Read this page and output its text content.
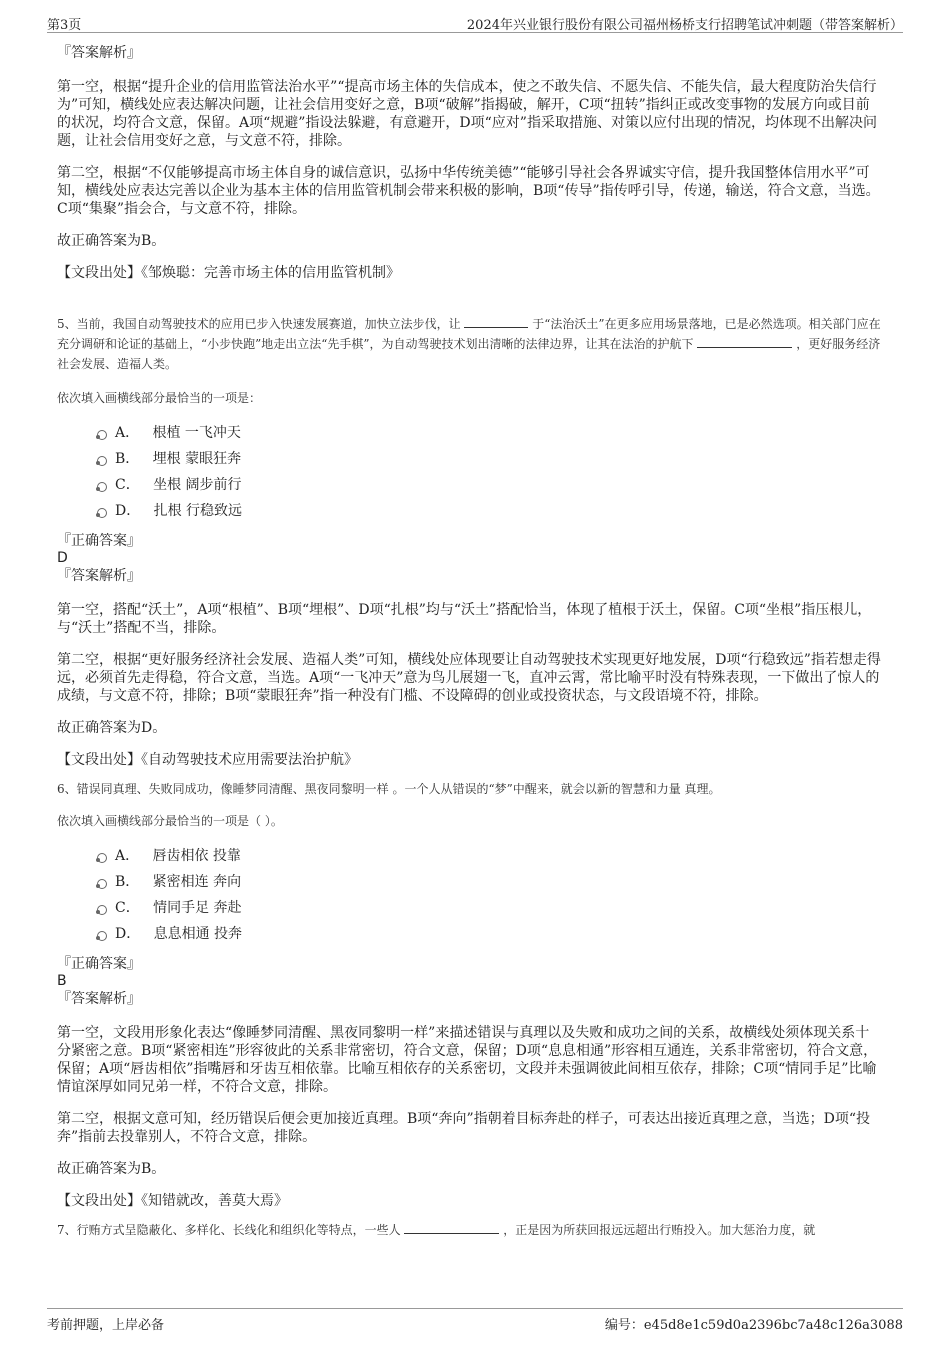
第3页	2024年兴业银行股份有限公司福州杨桥支行招聘笔试冲刺题（带答案解析）

『答案解析』

第一空，根据“提升企业的信用监管法治水平”“提高市场主体的失信成本，使之不敢失信、不愿失信、不能失信，最大程度防治失信行为”可知，横线处应表达解决问题，让社会信用变好之意，B项“破解”指揭破，解开，C项“扭转”指纠正或改变事物的发展方向或目前的状况，均符合文意，保留。A项“规避”指设法躲避，有意避开，D项“应对”指采取措施、对策以应付出现的情况，均体现不出解决问题，让社会信用变好之意，与文意不符，排除。

第二空，根据“不仅能够提高市场主体自身的诚信意识，弘扬中华传统美德”“能够引导社会各界诚实守信，提升我国整体信用水平”可知，横线处应表达完善以企业为基本主体的信用监管机制会带来积极的影响，B项“传导”指传呼引导，传递，输送，符合文意，当选。C项“集聚”指会合，与文意不符，排除。

故正确答案为B。

【文段出处】《邹焕聪：完善市场主体的信用监管机制》

5、当前，我国自动驾驶技术的应用已步入快速发展赛道，加快立法步伐，让	于“法治沃土”在更多应用场景落地，已是必然选项。相关部门应在充分调研和论证的基础上，“小步快跑”地走出立法“先手棋”，为自动驾驶技术划出清晰的法律边界，让其在法治的护航下	，更好服务经济社会发展、造福人类。

依次填入画横线部分最恰当的一项是：

A． 根植 一飞冲天

B． 埋根 蒙眼狂奔

C． 坐根 阔步前行

D． 扎根 行稳致远

『正确答案』

D

『答案解析』

第一空，搭配“沃土”，A项“根植”、B项“埋根”、D项“扎根”均与“沃土”搭配恰当，体现了植根于沃土，保留。C项“坐根”指压根儿，与“沃土”搭配不当，排除。

第二空，根据“更好服务经济社会发展、造福人类”可知，横线处应体现要让自动驾驶技术实现更好地发展，D项“行稳致远”指若想走得远，必须首先走得稳，符合文意，当选。A项“一飞冲天”意为鸟儿展翅一飞，直冲云霄，常比喻平时没有特殊表现，一下做出了惊人的成绩，与文意不符，排除；B项“蒙眼狂奔”指一种没有门槛、不设障碍的创业或投资状态，与文段语境不符，排除。

故正确答案为D。

【文段出处】《自动驾驶技术应用需要法治护航》

6、错误同真理、失败同成功，像睡梦同清醒、黑夜同黎明一样 。一个人从错误的“梦”中醒来，就会以新的智慧和力量 真理。

依次填入画横线部分最恰当的一项是（ ）。

A． 唇齿相依 投靠

B． 紧密相连 奔向

C． 情同手足 奔赴

D． 息息相通 投奔

『正确答案』

B

『答案解析』

第一空，文段用形象化表达“像睡梦同清醒、黑夜同黎明一样”来描述错误与真理以及失败和成功之间的关系，故横线处须体现关系十分紧密之意。B项“紧密相连”形容彼此的关系非常密切，符合文意，保留；D项“息息相通”形容相互通连，关系非常密切，符合文意，保留；A项“唇齿相依”指嘴唇和牙齿互相依靠。比喻互相依存的关系密切，文段并未强调彼此间相互依存，排除；C项“情同手足”比喻情谊深厚如同兄弟一样，不符合文意，排除。

第二空，根据文意可知，经历错误后便会更加接近真理。B项“奔向”指朝着目标奔赴的样子，可表达出接近真理之意，当选；D项“投奔”指前去投靠别人，不符合文意，排除。

故正确答案为B。

【文段出处】《知错就改，善莫大焉》

7、行贿方式呈隐蔽化、多样化、长线化和组织化等特点，一些人	，正是因为所获回报远远超出行贿投入。加大惩治力度，就

考前押题，上岸必备	编号：e45d8e1c59d0a2396bc7a48c126a3088
